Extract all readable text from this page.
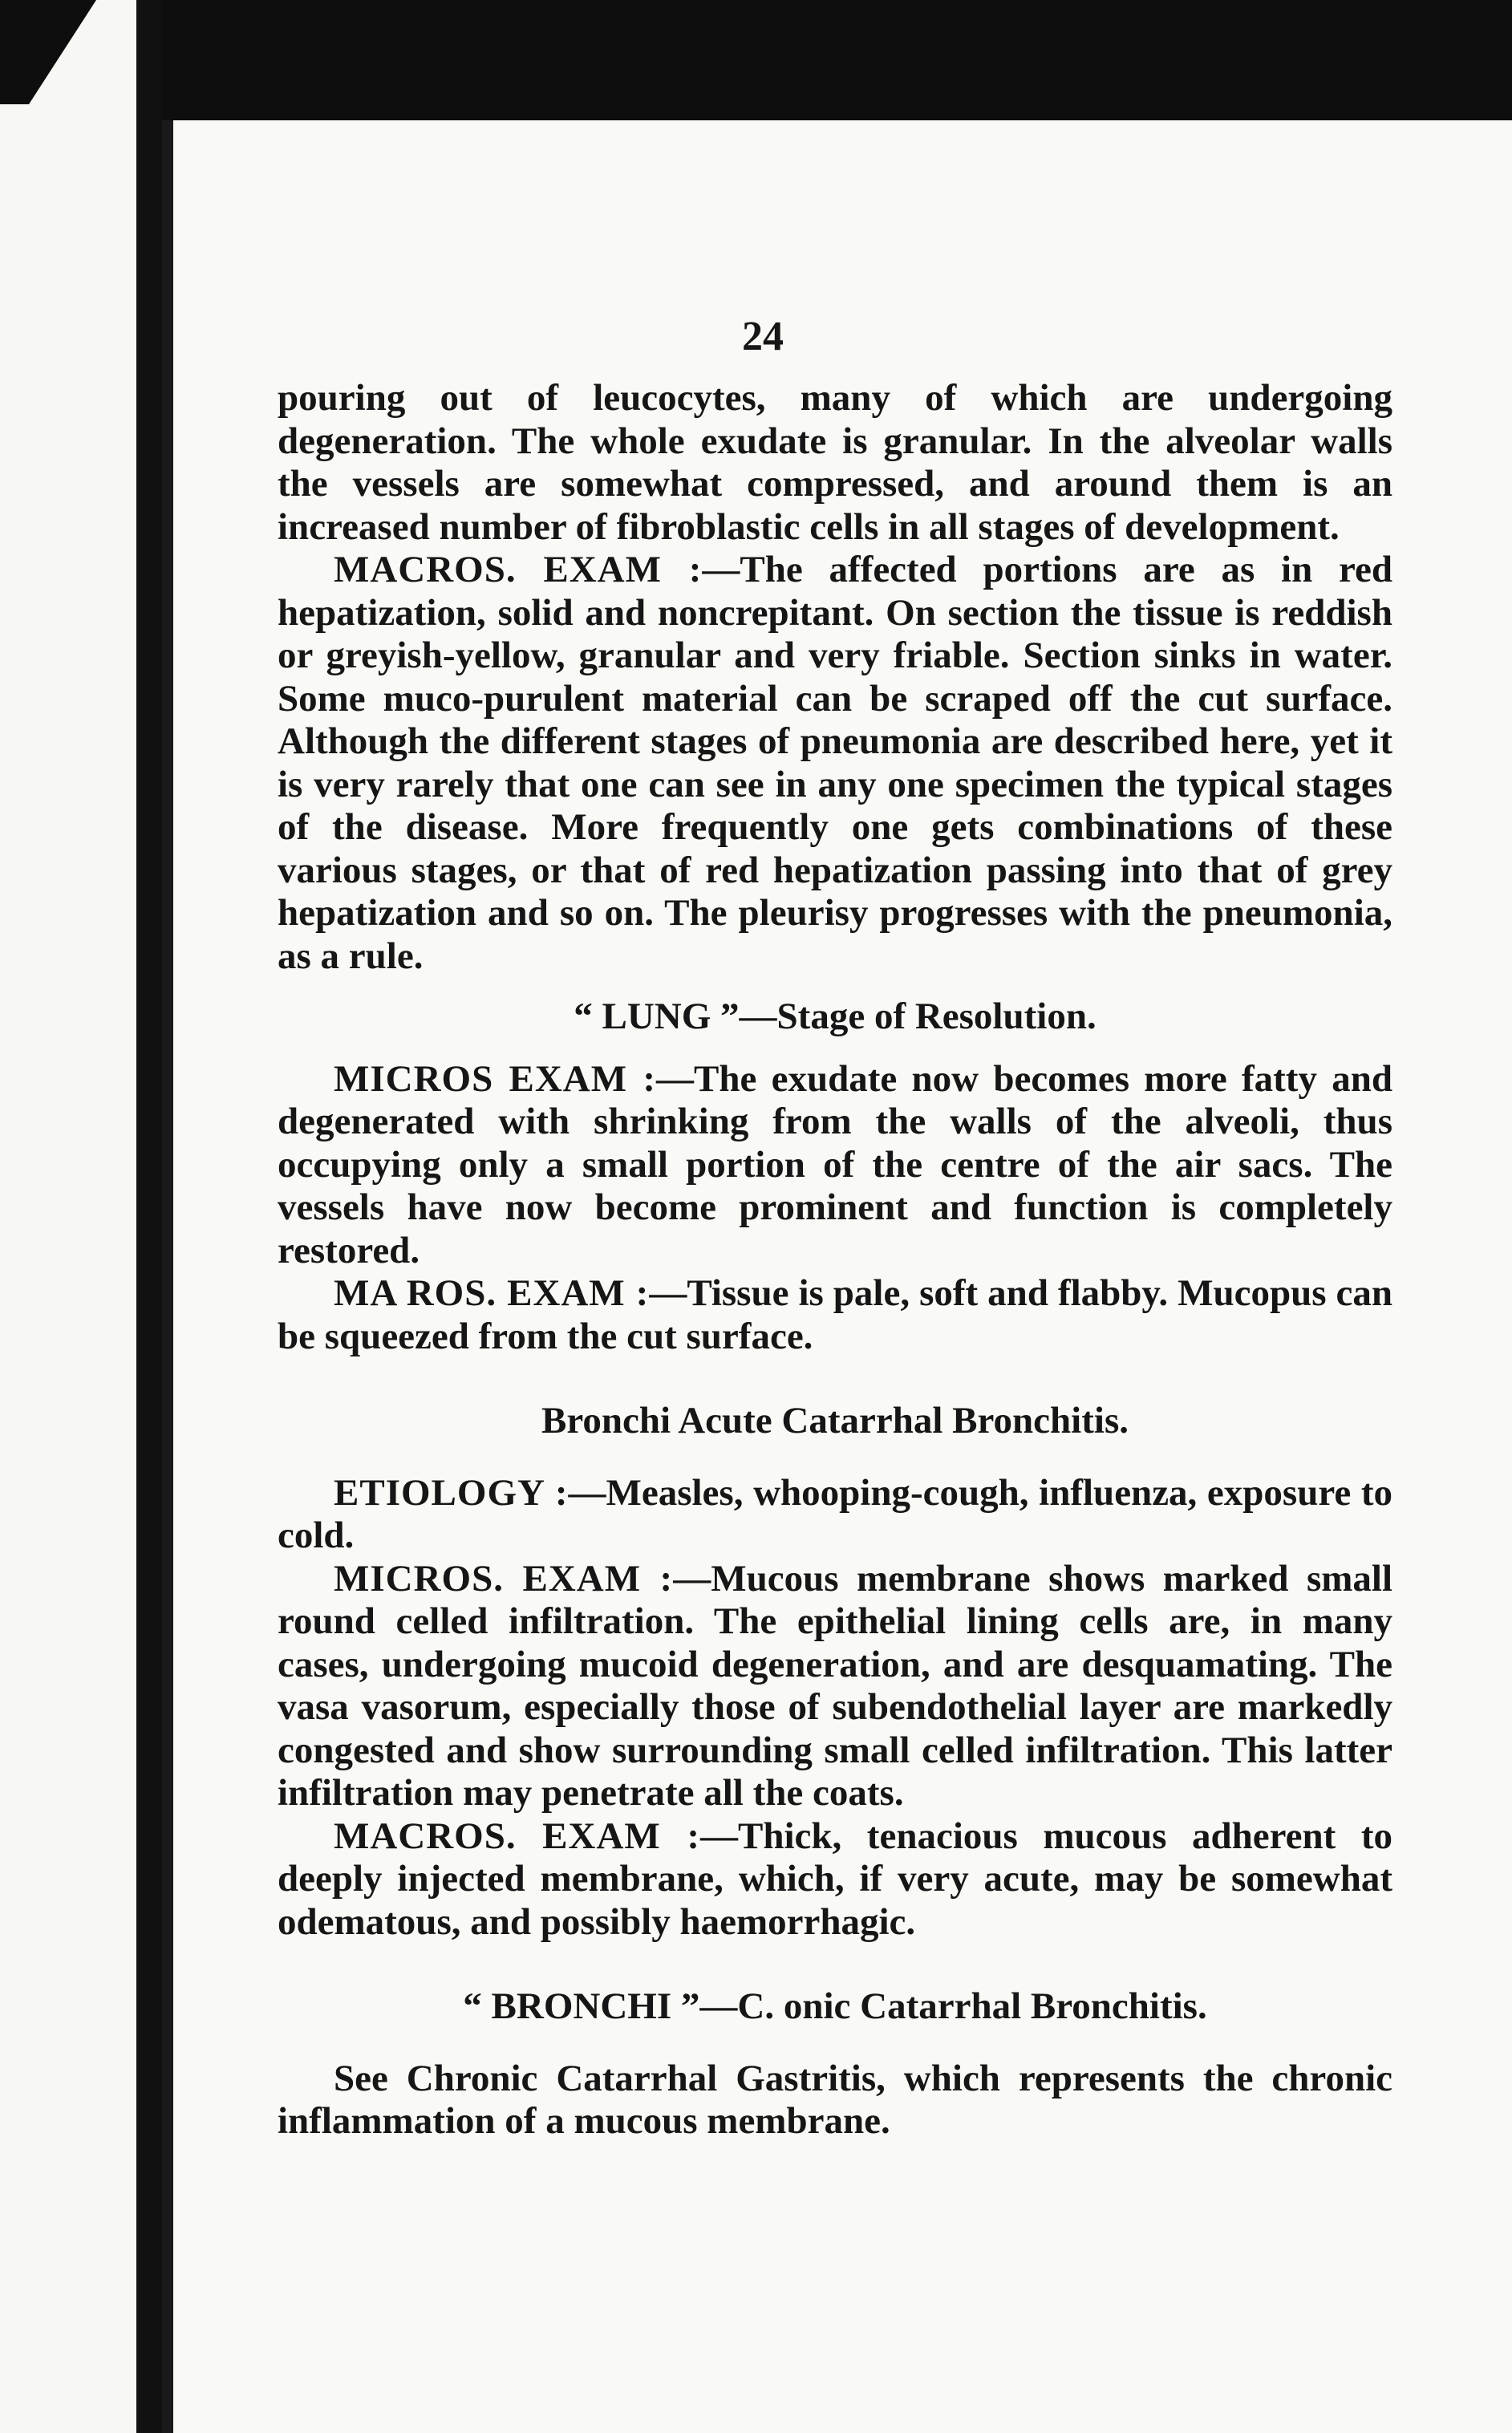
24

pouring out of leucocytes, many of which are undergoing degeneration. The whole exudate is granular. In the alveolar walls the vessels are somewhat compressed, and around them is an increased number of fibroblastic cells in all stages of development.

MACROS. EXAM :—The affected portions are as in red hepatization, solid and noncrepitant. On section the tissue is reddish or greyish-yellow, granular and very friable. Section sinks in water. Some muco-purulent material can be scraped off the cut surface. Although the different stages of pneumonia are described here, yet it is very rarely that one can see in any one specimen the typical stages of the disease. More frequently one gets combinations of these various stages, or that of red hepatization passing into that of grey hepatization and so on. The pleurisy progresses with the pneumonia, as a rule.

“ LUNG ”—Stage of Resolution.

MICROS EXAM :—The exudate now becomes more fatty and degenerated with shrinking from the walls of the alveoli, thus occupying only a small portion of the centre of the air sacs. The vessels have now become prominent and function is completely restored.

MA ROS. EXAM :—Tissue is pale, soft and flabby. Mucopus can be squeezed from the cut surface.

Bronchi Acute Catarrhal Bronchitis.

ETIOLOGY :—Measles, whooping-cough, influenza, exposure to cold.

MICROS. EXAM :—Mucous membrane shows marked small round celled infiltration. The epithelial lining cells are, in many cases, undergoing mucoid degeneration, and are desquamating. The vasa vasorum, especially those of subendothelial layer are markedly congested and show surrounding small celled infiltration. This latter infiltration may penetrate all the coats.

MACROS. EXAM :—Thick, tenacious mucous adherent to deeply injected membrane, which, if very acute, may be somewhat odematous, and possibly haemorrhagic.

“ BRONCHI ”—C. onic Catarrhal Bronchitis.

See Chronic Catarrhal Gastritis, which represents the chronic inflammation of a mucous membrane.
